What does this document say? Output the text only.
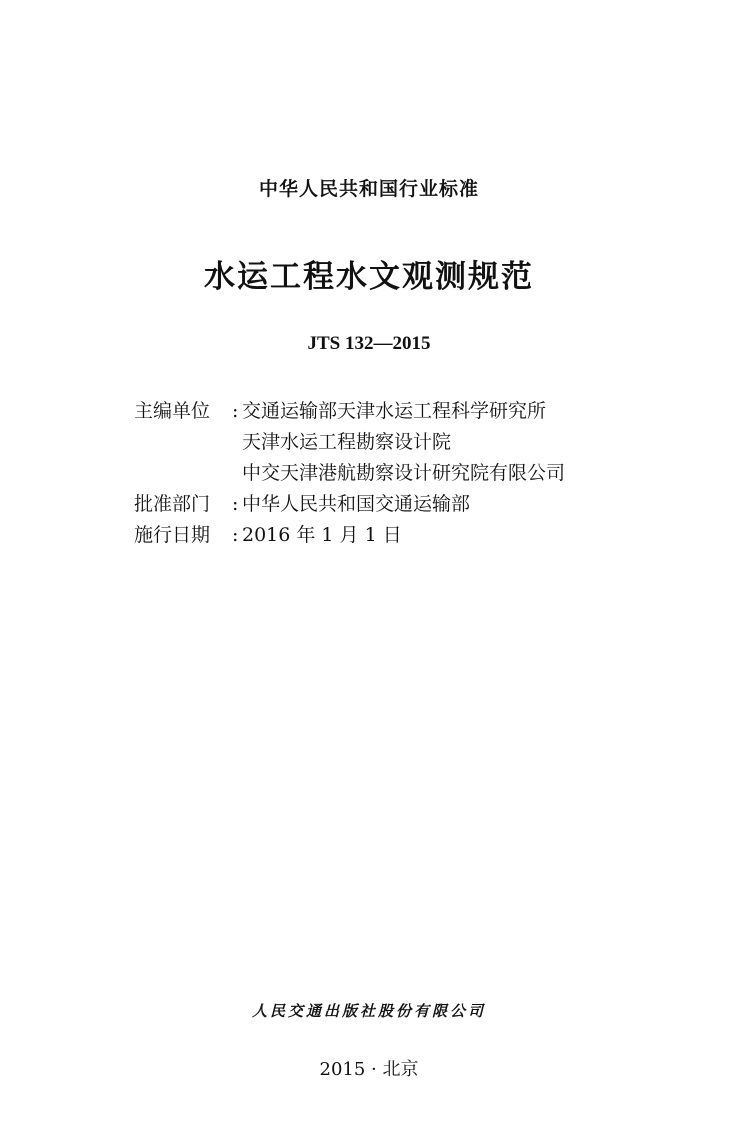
中华人民共和国行业标准
水运工程水文观测规范
JTS 132—2015
主编单位	: 交通运输部天津水运工程科学研究所
天津水运工程勘察设计院
中交天津港航勘察设计研究院有限公司
批准部门	: 中华人民共和国交通运输部
施行日期	: 2016 年 1 月 1 日
人民交通出版社股份有限公司
2015 · 北京
